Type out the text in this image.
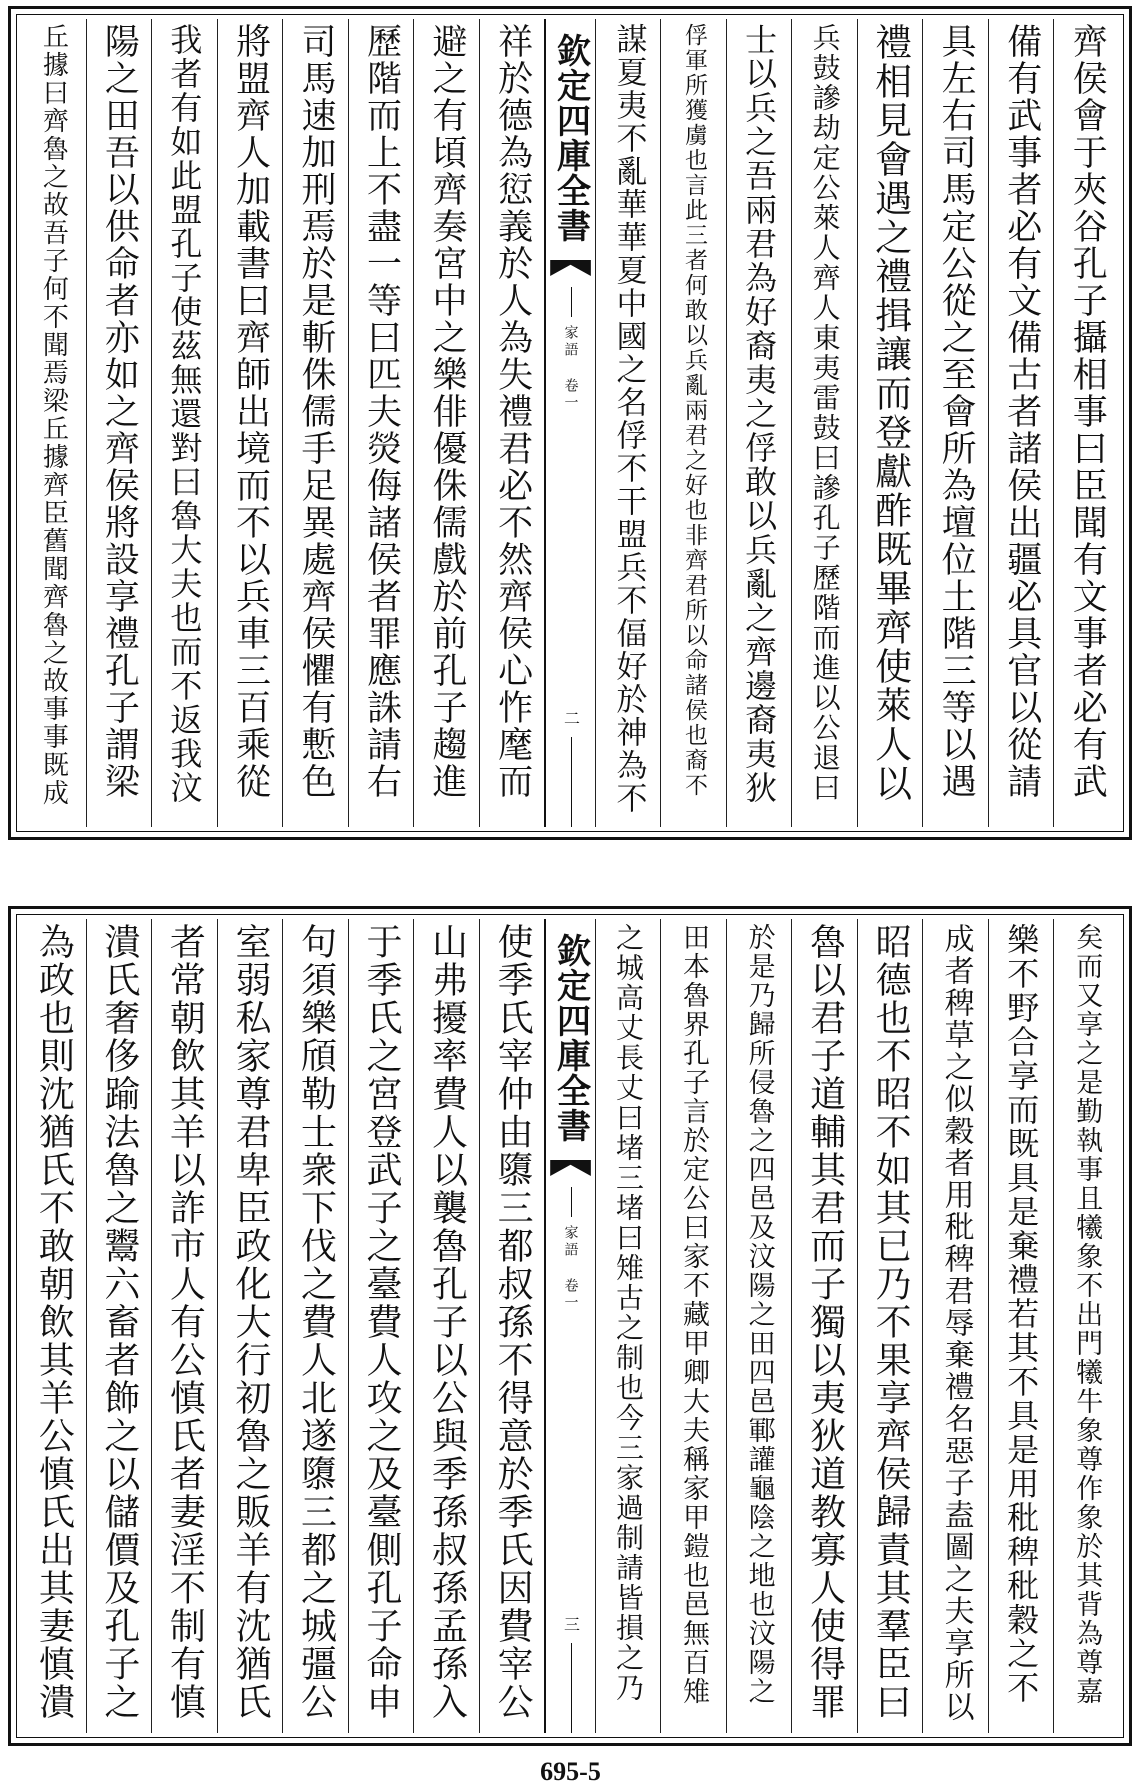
齊侯會于夾谷孔子攝相事曰臣聞有文事者必有武
備有武事者必有文備古者諸侯出疆必具官以從請
具左右司馬定公從之至會所為壇位土階三等以遇
禮相見會遇之禮揖讓而登獻酢既畢齊使萊人以
兵鼓謲劫定公萊人齊人東夷雷鼓曰謲孔子歷階而進以公退曰
士以兵之吾兩君為好裔夷之俘敢以兵亂之齊邊裔夷狄
俘軍所獲虜也言此三者何敢以兵亂兩君之好也非齊君所以命諸侯也裔不
謀夏夷不亂華華夏中國之名俘不干盟兵不偪好於神為不
欽定四庫全書
家語 卷一
二
祥於德為愆義於人為失禮君必不然齊侯心怍麾而
避之有頃齊奏宮中之樂俳優侏儒戲於前孔子趨進
歷階而上不盡一等曰匹夫熒侮諸侯者罪應誅請右
司馬速加刑焉於是斬侏儒手足異處齊侯懼有慙色
將盟齊人加載書曰齊師出境而不以兵車三百乘從
我者有如此盟孔子使茲無還對曰魯大夫也而不返我汶
陽之田吾以供命者亦如之齊侯將設享禮孔子謂梁
丘據曰齊魯之故吾子何不聞焉梁丘據齊臣舊聞齊魯之故事事既成
矣而又享之是勤執事且犧象不出門犧牛象尊作象於其背為尊嘉
樂不野合享而既具是棄禮若其不具是用秕稗秕穀之不
成者稗草之似穀者用秕稗君辱棄禮名惡子盍圖之夫享所以
昭德也不昭不如其已乃不果享齊侯歸責其羣臣曰
魯以君子道輔其君而子獨以夷狄道教寡人使得罪
於是乃歸所侵魯之四邑及汶陽之田四邑鄆讙龜陰之地也汶陽之
田本魯界孔子言於定公曰家不藏甲卿大夫稱家甲鎧也邑無百雉
之城高丈長丈曰堵三堵曰雉古之制也今三家過制請皆損之乃
欽定四庫全書
家語 卷一
三
使季氏宰仲由隳三都叔孫不得意於季氏因費宰公
山弗擾率費人以襲魯孔子以公與季孫叔孫孟孫入
于季氏之宮登武子之臺費人攻之及臺側孔子命申
句須樂頎勒士衆下伐之費人北遂隳三都之城彊公
室弱私家尊君卑臣政化大行初魯之販羊有沈猶氏
者常朝飲其羊以詐市人有公慎氏者妻淫不制有慎
潰氏奢侈踰法魯之鬻六畜者飾之以儲價及孔子之
為政也則沈猶氏不敢朝飲其羊公慎氏出其妻慎潰
695-5
